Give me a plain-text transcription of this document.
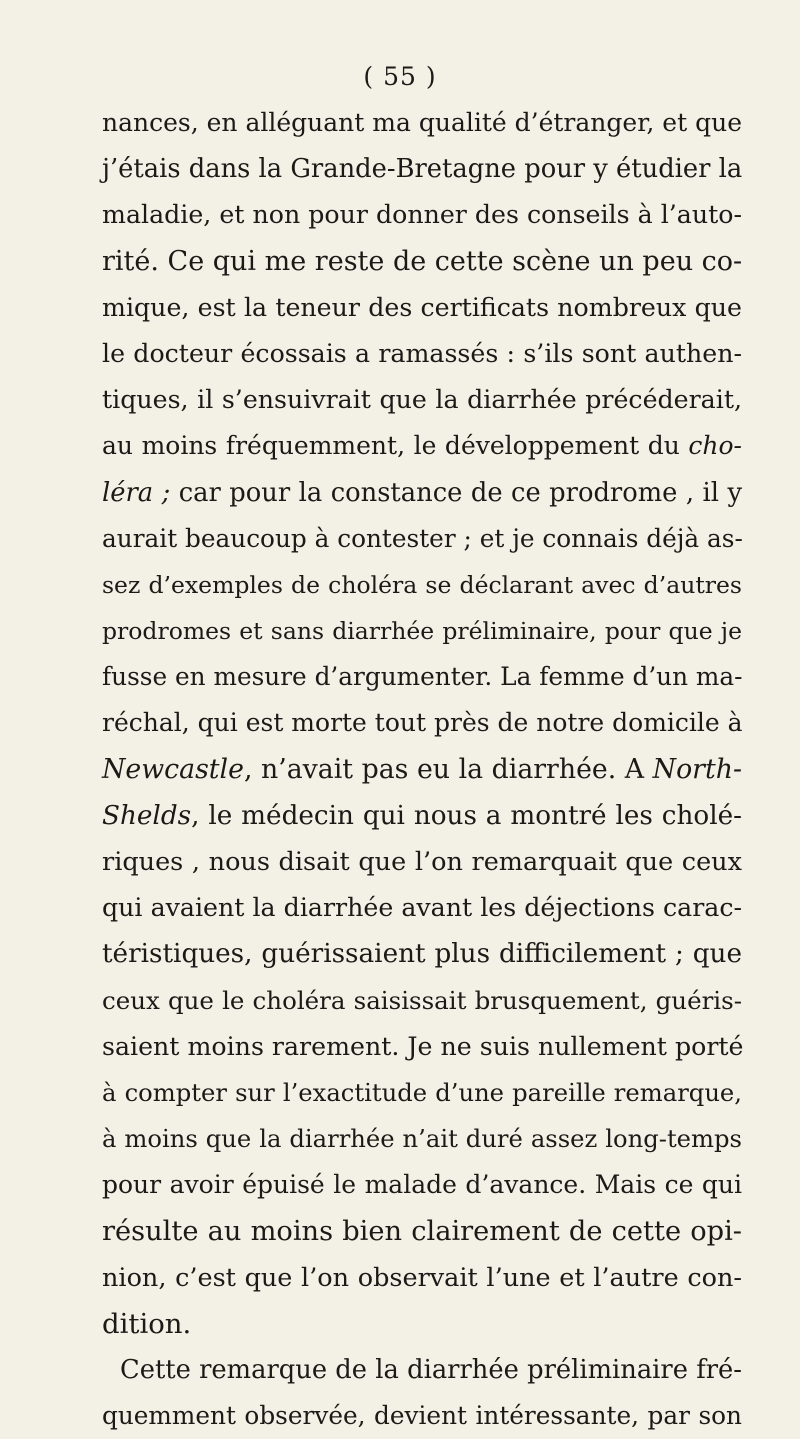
( 55 )
nances, en alléguant ma qualité d’étranger, et que
j’étais dans la Grande-Bretagne pour y étudier la
maladie, et non pour donner des conseils à l’auto-
rité. Ce qui me reste de cette scène un peu co-
mique, est la teneur des certificats nombreux que
le docteur écossais a ramassés : s’ils sont authen-
tiques, il s’ensuivrait que la diarrhée précéderait,
au moins fréquemment, le développement du cho-
léra ; car pour la constance de ce prodrome , il y
aurait beaucoup à contester ; et je connais déjà as-
sez d’exemples de choléra se déclarant avec d’autres
prodromes et sans diarrhée préliminaire, pour que je
fusse en mesure d’argumenter. La femme d’un ma-
réchal, qui est morte tout près de notre domicile à
Newcastle, n’avait pas eu la diarrhée. A North-
Shelds, le médecin qui nous a montré les cholé-
riques , nous disait que l’on remarquait que ceux
qui avaient la diarrhée avant les déjections carac-
téristiques, guérissaient plus difficilement ; que
ceux que le choléra saisissait brusquement, guéris-
saient moins rarement. Je ne suis nullement porté
à compter sur l’exactitude d’une pareille remarque,
à moins que la diarrhée n’ait duré assez long-temps
pour avoir épuisé le malade d’avance. Mais ce qui
résulte au moins bien clairement de cette opi-
nion, c’est que l’on observait l’une et l’autre con-
dition.
Cette remarque de la diarrhée préliminaire fré-
quemment observée, devient intéressante, par son
